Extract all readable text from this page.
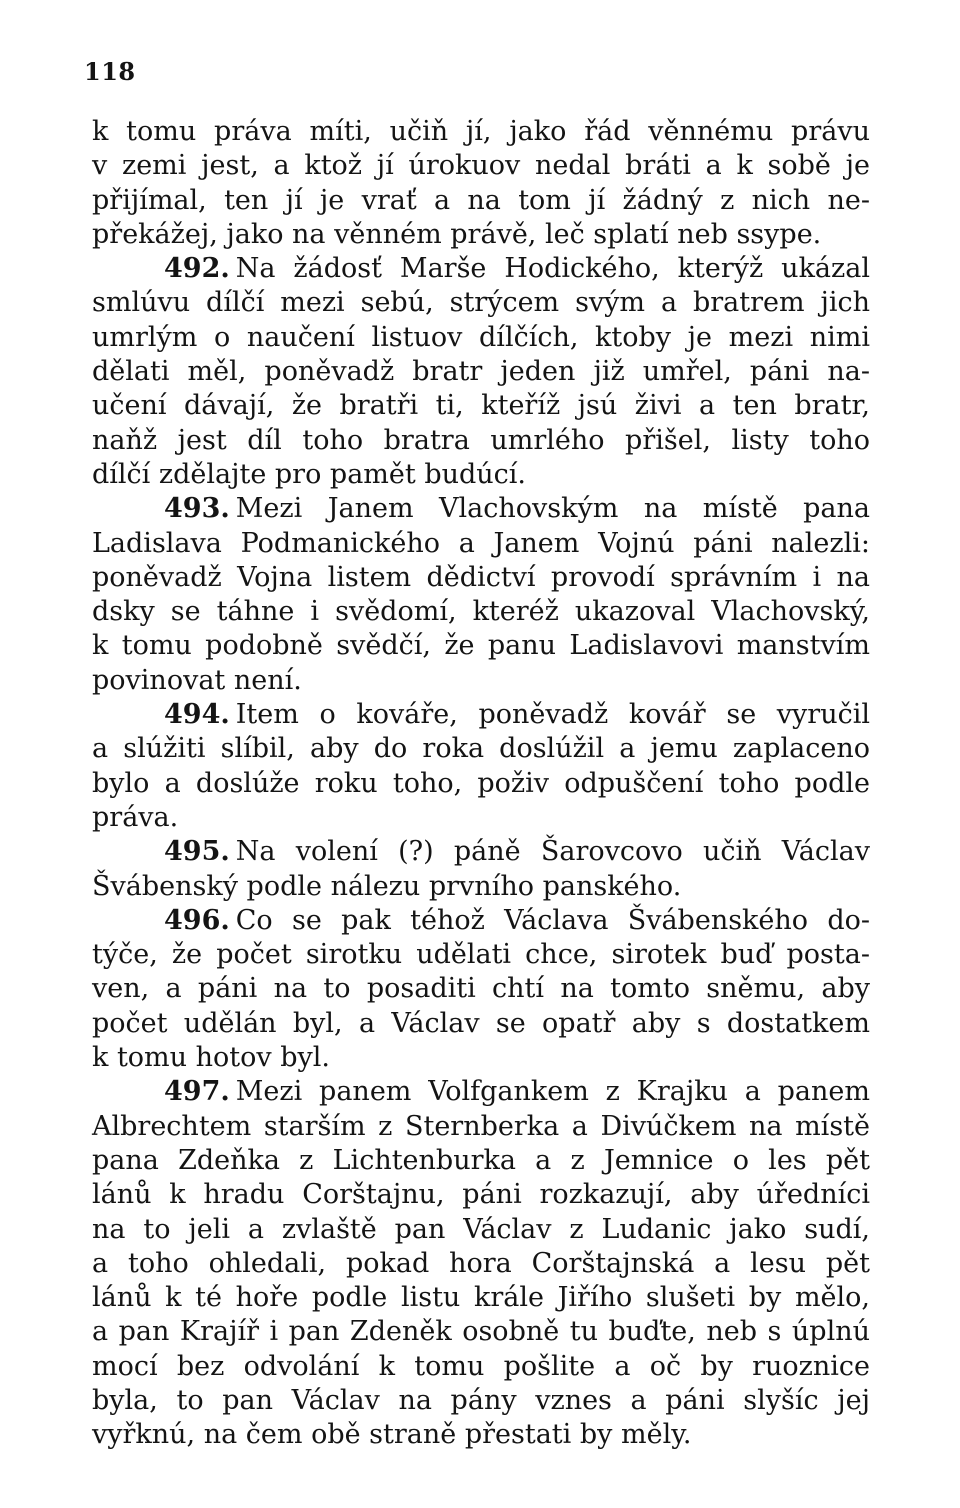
118
k tomu práva míti, učiň jí, jako řád věnnému právu
v zemi jest, a ktož jí úrokuov nedal bráti a k sobě je
přijímal, ten jí je vrať a na tom jí žádný z nich ne-
překážej, jako na věnném právě, leč splatí neb ssype.
492. Na žádosť Marše Hodického, kterýž ukázal
smlúvu dílčí mezi sebú, strýcem svým a bratrem jich
umrlým o naučení listuov dílčích, ktoby je mezi nimi
dělati měl, poněvadž bratr jeden již umřel, páni na-
učení dávají, že bratři ti, kteříž jsú živi a ten bratr,
naňž jest díl toho bratra umrlého přišel, listy toho
dílčí zdělajte pro pamět budúcí.
493. Mezi Janem Vlachovským na místě pana
Ladislava Podmanického a Janem Vojnú páni nalezli:
poněvadž Vojna listem dědictví provodí správním i na
dsky se táhne i svědomí, kteréž ukazoval Vlachovský,
k tomu podobně svědčí, že panu Ladislavovi manstvím
povinovat není.
494. Item o kováře, poněvadž kovář se vyručil
a slúžiti slíbil, aby do roka doslúžil a jemu zaplaceno
bylo a doslúže roku toho, poživ odpuščení toho podle
práva.
495. Na volení (?) páně Šarovcovo učiň Václav
Švábenský podle nálezu prvního panského.
496. Co se pak téhož Václava Švábenského do-
týče, že počet sirotku udělati chce, sirotek buď posta-
ven, a páni na to posaditi chtí na tomto sněmu, aby
počet udělán byl, a Václav se opatř aby s dostatkem
k tomu hotov byl.
497. Mezi panem Volfgankem z Krajku a panem
Albrechtem starším z Sternberka a Divúčkem na místě
pana Zdeňka z Lichtenburka a z Jemnice o les pět
lánů k hradu Corštajnu, páni rozkazují, aby úředníci
na to jeli a zvlaště pan Václav z Ludanic jako sudí,
a toho ohledali, pokad hora Corštajnská a lesu pět
lánů k té hoře podle listu krále Jiřího slušeti by mělo,
a pan Krajíř i pan Zdeněk osobně tu buďte, neb s úplnú
mocí bez odvolání k tomu pošlite a oč by ruoznice
byla, to pan Václav na pány vznes a páni slyšíc jej
vyřknú, na čem obě straně přestati by měly.
